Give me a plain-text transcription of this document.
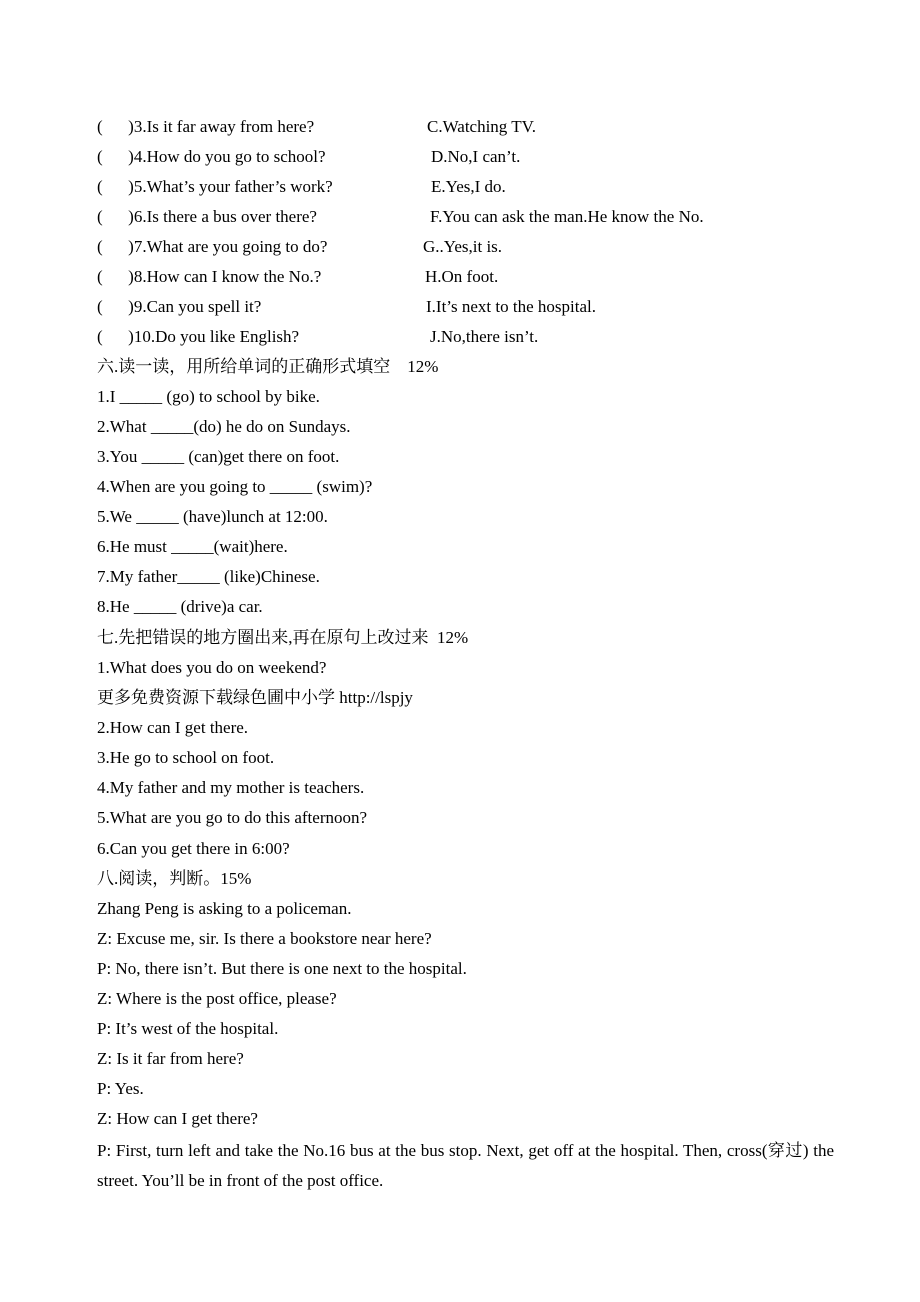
(      )3.Is it far away from here?	C.Watching TV.
(      )4.How do you go to school?	D.No,I can’t.
(      )5.What’s your father’s work?	E.Yes,I do.
(      )6.Is there a bus over there?	F.You can ask the man.He know the No.
(      )7.What are you going to do?	G..Yes,it is.
(      )8.How can I know the No.?	H.On foot.
(      )9.Can you spell it?	I.It’s next to the hospital.
(      )10.Do you like English?	J.No,there isn’t.
六.读一读，用所给单词的正确形式填空    12%
1.I _____ (go) to school by bike.
2.What _____(do) he do on Sundays.
3.You _____ (can)get there on foot.
4.When are you going to _____ (swim)?
5.We _____ (have)lunch at 12:00.
6.He must _____(wait)here.
7.My father_____ (like)Chinese.
8.He _____ (drive)a car.
七.先把错误的地方圈出来,再在原句上改过来  12%
1.What does you do on weekend?
更多免费资源下载绿色圃中小学 http://lspjy
2.How can I get there.
3.He go to school on foot.
4.My father and my mother is teachers.
5.What are you go to do this afternoon?
6.Can you get there in 6:00?
八.阅读，判断。15%
Zhang Peng is asking to a policeman.
Z: Excuse me, sir. Is there a bookstore near here?
P: No, there isn’t. But there is one next to the hospital.
Z: Where is the post office, please?
P: It’s west of the hospital.
Z: Is it far from here?
P: Yes.
Z: How can I get there?
P: First, turn left and take the No.16 bus at the bus stop. Next, get off at the hospital. Then, cross(穿过) the street. You’ll be in front of the post office.
